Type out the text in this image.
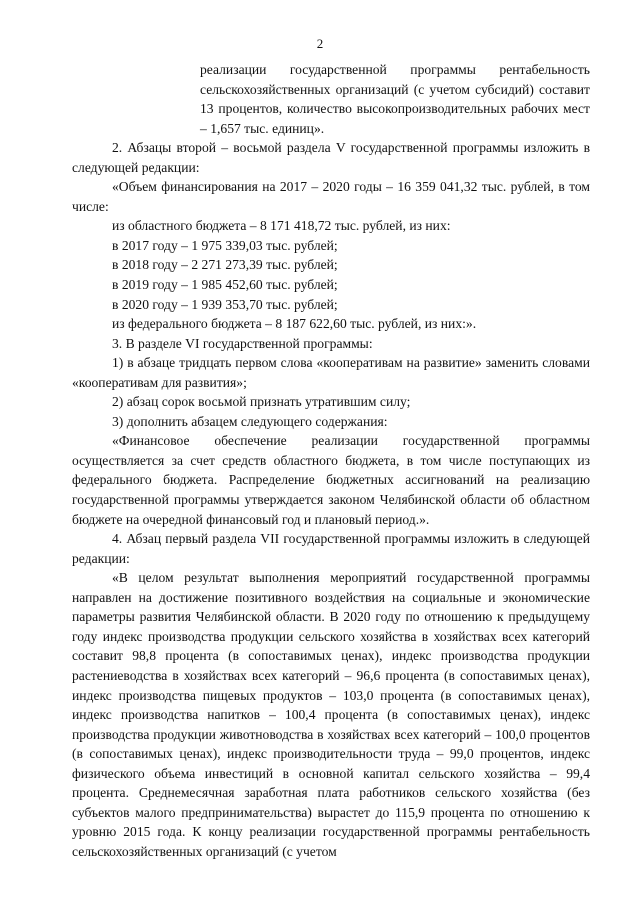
2

реализации государственной программы рентабельность сельскохозяйственных организаций (с учетом субсидий) составит 13 процентов, количество высокопроизводительных рабочих мест – 1,657 тыс. единиц».

2. Абзацы второй – восьмой раздела V государственной программы изложить в следующей редакции:

«Объем финансирования на 2017 – 2020 годы – 16 359 041,32 тыс. рублей, в том числе:

из областного бюджета – 8 171 418,72 тыс. рублей, из них:

в 2017 году – 1 975 339,03 тыс. рублей;

в 2018 году – 2 271 273,39 тыс. рублей;

в 2019 году – 1 985 452,60 тыс. рублей;

в 2020 году – 1 939 353,70 тыс. рублей;

из федерального бюджета – 8 187 622,60 тыс. рублей, из них:».

3. В разделе VI государственной программы:

1) в абзаце тридцать первом слова «кооперативам на развитие» заменить словами «кооперативам для развития»;

2) абзац сорок восьмой признать утратившим силу;

3) дополнить абзацем следующего содержания:

«Финансовое обеспечение реализации государственной программы осуществляется за счет средств областного бюджета, в том числе поступающих из федерального бюджета. Распределение бюджетных ассигнований на реализацию государственной программы утверждается законом Челябинской области об областном бюджете на очередной финансовый год и плановый период.».

4. Абзац первый раздела VII государственной программы изложить в следующей редакции:

«В целом результат выполнения мероприятий государственной программы направлен на достижение позитивного воздействия на социальные и экономические параметры развития Челябинской области. В 2020 году по отношению к предыдущему году индекс производства продукции сельского хозяйства в хозяйствах всех категорий составит 98,8 процента (в сопоставимых ценах), индекс производства продукции растениеводства в хозяйствах всех категорий – 96,6 процента (в сопоставимых ценах), индекс производства пищевых продуктов – 103,0 процента (в сопоставимых ценах), индекс производства напитков – 100,4 процента (в сопоставимых ценах), индекс производства продукции животноводства в хозяйствах всех категорий – 100,0 процентов (в сопоставимых ценах), индекс производительности труда – 99,0 процентов, индекс физического объема инвестиций в основной капитал сельского хозяйства – 99,4 процента. Среднемесячная заработная плата работников сельского хозяйства (без субъектов малого предпринимательства) вырастет до 115,9 процента по отношению к уровню 2015 года. К концу реализации государственной программы рентабельность сельскохозяйственных организаций (с учетом
